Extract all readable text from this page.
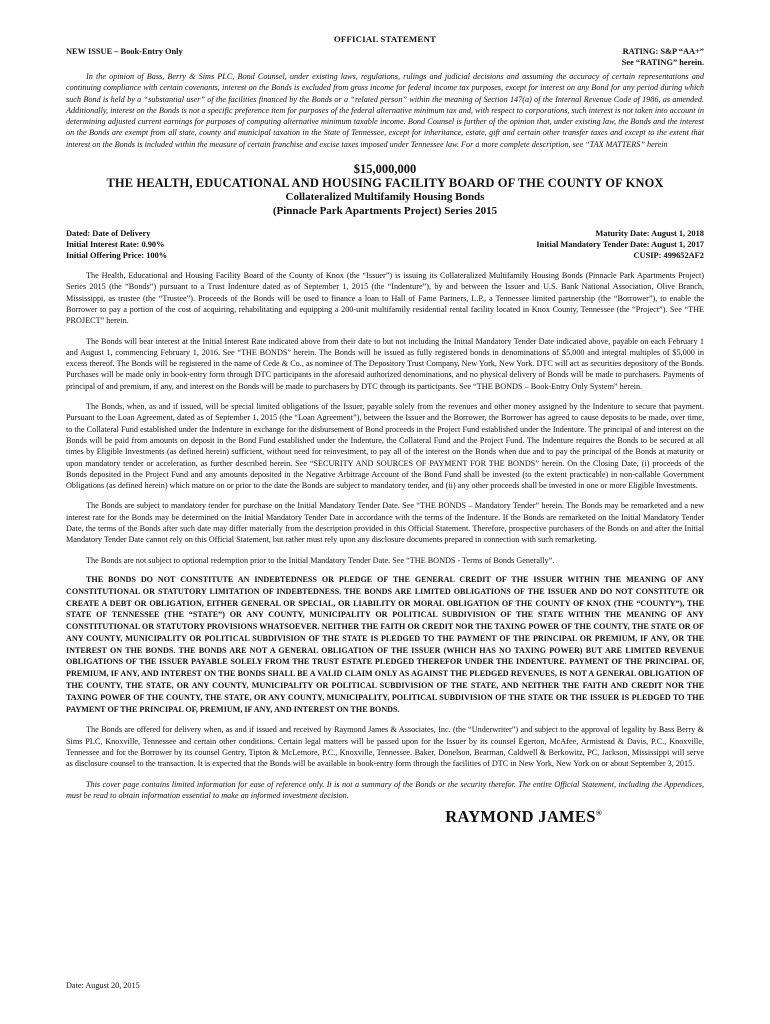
OFFICIAL STATEMENT
NEW ISSUE – Book-Entry Only	RATING: S&P “AA+”
See “RATING” herein.
In the opinion of Bass, Berry & Sims PLC, Bond Counsel, under existing laws, regulations, rulings and judicial decisions and assuming the accuracy of certain representations and continuing compliance with certain covenants, interest on the Bonds is excluded from gross income for federal income tax purposes, except for interest on any Bond for any period during which such Bond is held by a “substantial user” of the facilities financed by the Bonds or a “related person” within the meaning of Section 147(a) of the Internal Revenue Code of 1986, as amended. Additionally, interest on the Bonds is not a specific preference item for purposes of the federal alternative minimum tax and, with respect to corporations, such interest is not taken into account in determining adjusted current earnings for purposes of computing alternative minimum taxable income. Bond Counsel is further of the opinion that, under existing law, the Bonds and the interest on the Bonds are exempt from all state, county and municipal taxation in the State of Tennessee, except for inheritance, estate, gift and certain other transfer taxes and except to the extent that interest on the Bonds is included within the measure of certain franchise and excise taxes imposed under Tennessee law. For a more complete description, see “TAX MATTERS” herein
$15,000,000
THE HEALTH, EDUCATIONAL AND HOUSING FACILITY BOARD OF THE COUNTY OF KNOX
Collateralized Multifamily Housing Bonds
(Pinnacle Park Apartments Project) Series 2015
Dated: Date of Delivery
Initial Interest Rate: 0.90%
Initial Offering Price: 100%
Maturity Date: August 1, 2018
Initial Mandatory Tender Date: August 1, 2017
CUSIP: 499652AF2
The Health, Educational and Housing Facility Board of the County of Knox (the “Issuer”) is issuing its Collateralized Multifamily Housing Bonds (Pinnacle Park Apartments Project) Series 2015 (the “Bonds”) pursuant to a Trust Indenture dated as of September 1, 2015 (the “Indenture”), by and between the Issuer and U.S. Bank National Association, Olive Branch, Mississippi, as trustee (the “Trustee”). Proceeds of the Bonds will be used to finance a loan to Hall of Fame Partners, L.P., a Tennessee limited partnership (the “Borrower”), to enable the Borrower to pay a portion of the cost of acquiring, rehabilitating and equipping a 200-unit multifamily residential rental facility located in Knox County, Tennessee (the “Project”). See “THE PROJECT” herein.
The Bonds will bear interest at the Initial Interest Rate indicated above from their date to but not including the Initial Mandatory Tender Date indicated above, payable on each February 1 and August 1, commencing February 1, 2016. See “THE BONDS” herein. The Bonds will be issued as fully registered bonds in denominations of $5,000 and integral multiples of $5,000 in excess thereof. The Bonds will be registered in the name of Cede & Co., as nominee of The Depository Trust Company, New York, New York. DTC will act as securities depository of the Bonds. Purchases will be made only in book-entry form through DTC participants in the aforesaid authorized denominations, and no physical delivery of Bonds will be made to purchasers. Payments of principal of and premium, if any, and interest on the Bonds will be made to purchasers by DTC through its participants. See “THE BONDS – Book-Entry Only System” herein.
The Bonds, when, as and if issued, will be special limited obligations of the Issuer, payable solely from the revenues and other money assigned by the Indenture to secure that payment. Pursuant to the Loan Agreement, dated as of September 1, 2015 (the “Loan Agreement”), between the Issuer and the Borrower, the Borrower has agreed to cause deposits to be made, over time, to the Collateral Fund established under the Indenture in exchange for the disbursement of Bond proceeds in the Project Fund established under the Indenture. The principal of and interest on the Bonds will be paid from amounts on deposit in the Bond Fund established under the Indenture, the Collateral Fund and the Project Fund. The Indenture requires the Bonds to be secured at all times by Eligible Investments (as defined herein) sufficient, without need for reinvestment, to pay all of the interest on the Bonds when due and to pay the principal of the Bonds at maturity or upon mandatory tender or acceleration, as further described herein. See “SECURITY AND SOURCES OF PAYMENT FOR THE BONDS” herein. On the Closing Date, (i) proceeds of the Bonds deposited in the Project Fund and any amounts deposited in the Negative Arbitrage Account of the Bond Fund shall be invested (to the extent practicable) in non-callable Government Obligations (as defined herein) which mature on or prior to the date the Bonds are subject to mandatory tender, and (ii) any other proceeds shall be invested in one or more Eligible Investments.
The Bonds are subject to mandatory tender for purchase on the Initial Mandatory Tender Date. See “THE BONDS – Mandatory Tender” herein. The Bonds may be remarketed and a new interest rate for the Bonds may be determined on the Initial Mandatory Tender Date in accordance with the terms of the Indenture. If the Bonds are remarketed on the Initial Mandatory Tender Date, the terms of the Bonds after such date may differ materially from the description provided in this Official Statement. Therefore, prospective purchasers of the Bonds on and after the Initial Mandatory Tender Date cannot rely on this Official Statement, but rather must rely upon any disclosure documents prepared in connection with such remarketing.
The Bonds are not subject to optional redemption prior to the Initial Mandatory Tender Date. See “THE BONDS - Terms of Bonds Generally”.
THE BONDS DO NOT CONSTITUTE AN INDEBTEDNESS OR PLEDGE OF THE GENERAL CREDIT OF THE ISSUER WITHIN THE MEANING OF ANY CONSTITUTIONAL OR STATUTORY LIMITATION OF INDEBTEDNESS. THE BONDS ARE LIMITED OBLIGATIONS OF THE ISSUER AND DO NOT CONSTITUTE OR CREATE A DEBT OR OBLIGATION, EITHER GENERAL OR SPECIAL, OR LIABILITY OR MORAL OBLIGATION OF THE COUNTY OF KNOX (THE “COUNTY”), THE STATE OF TENNESSEE (THE “STATE”) OR ANY COUNTY, MUNICIPALITY OR POLITICAL SUBDIVISION OF THE STATE WITHIN THE MEANING OF ANY CONSTITUTIONAL OR STATUTORY PROVISIONS WHATSOEVER. NEITHER THE FAITH OR CREDIT NOR THE TAXING POWER OF THE COUNTY, THE STATE OR OF ANY COUNTY, MUNICIPALITY OR POLITICAL SUBDIVISION OF THE STATE IS PLEDGED TO THE PAYMENT OF THE PRINCIPAL OR PREMIUM, IF ANY, OR THE INTEREST ON THE BONDS. THE BONDS ARE NOT A GENERAL OBLIGATION OF THE ISSUER (WHICH HAS NO TAXING POWER) BUT ARE LIMITED REVENUE OBLIGATIONS OF THE ISSUER PAYABLE SOLELY FROM THE TRUST ESTATE PLEDGED THEREFOR UNDER THE INDENTURE. PAYMENT OF THE PRINCIPAL OF, PREMIUM, IF ANY, AND INTEREST ON THE BONDS SHALL BE A VALID CLAIM ONLY AS AGAINST THE PLEDGED REVENUES, IS NOT A GENERAL OBLIGATION OF THE COUNTY, THE STATE, OR ANY COUNTY, MUNICIPALITY OR POLITICAL SUBDIVISION OF THE STATE, AND NEITHER THE FAITH AND CREDIT NOR THE TAXING POWER OF THE COUNTY, THE STATE, OR ANY COUNTY, MUNICIPALITY, POLITICAL SUBDIVISION OF THE STATE OR THE ISSUER IS PLEDGED TO THE PAYMENT OF THE PRINCIPAL OF, PREMIUM, IF ANY, AND INTEREST ON THE BONDS.
The Bonds are offered for delivery when, as and if issued and received by Raymond James & Associates, Inc. (the “Underwriter”) and subject to the approval of legality by Bass Berry & Sims PLC, Knoxville, Tennessee and certain other conditions. Certain legal matters will be passed upon for the Issuer by its counsel Egerton, McAfee, Armistead & Davis, P.C., Knoxville, Tennessee and for the Borrower by its counsel Gentry, Tipton & McLemore, P.C., Knoxville, Tennessee. Baker, Donelson, Bearman, Caldwell & Berkowitz, PC, Jackson, Mississippi will serve as disclosure counsel to the transaction. It is expected that the Bonds will be available in book-entry form through the facilities of DTC in New York, New York on or about September 3, 2015.
This cover page contains limited information for ease of reference only. It is not a summary of the Bonds or the security therefor. The entire Official Statement, including the Appendices, must be read to obtain information essential to make an informed investment decision.
RAYMOND JAMES®
Date: August 20, 2015
